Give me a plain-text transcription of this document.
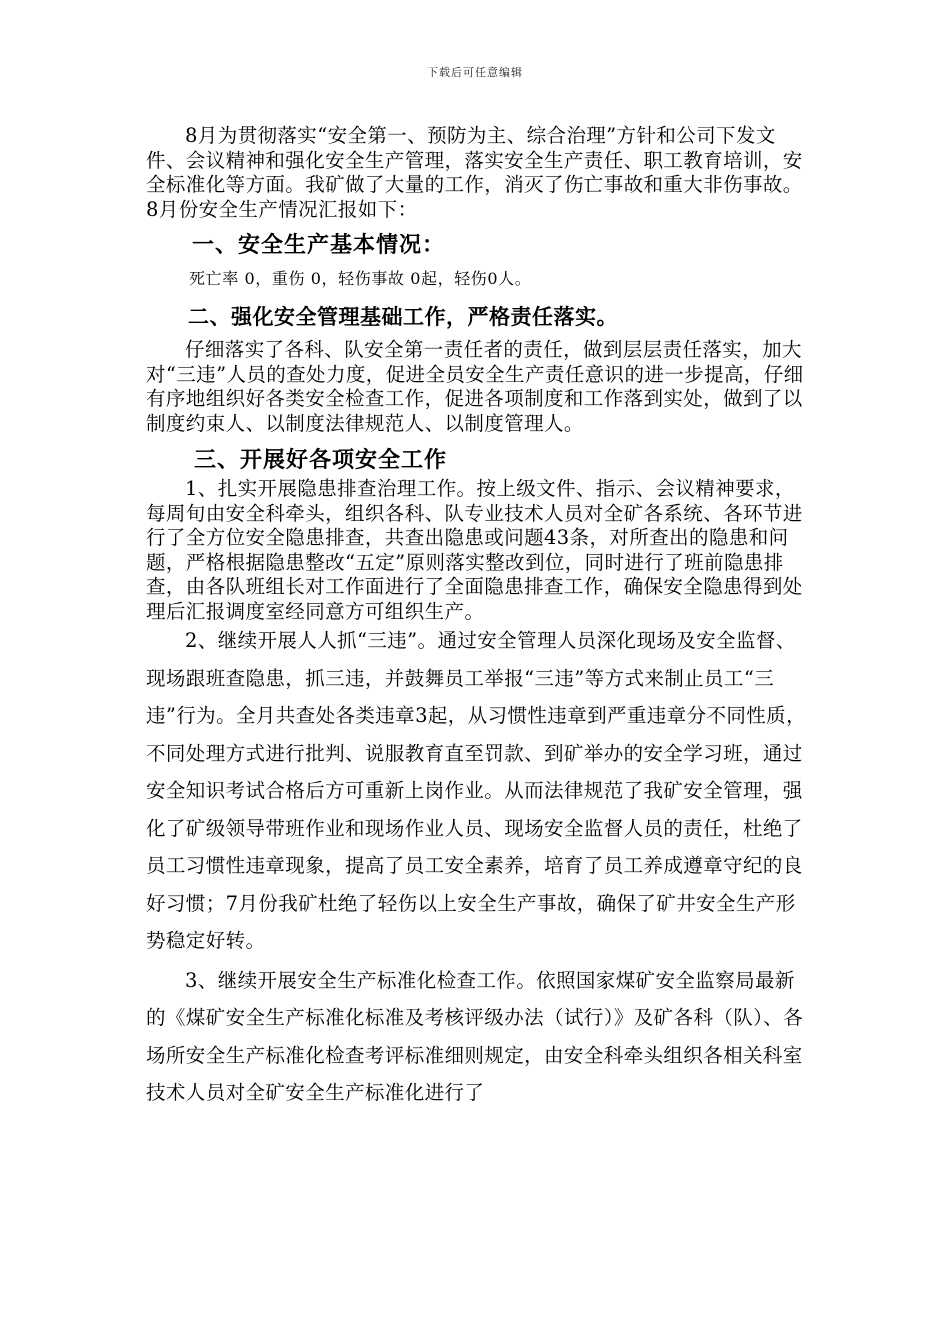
下载后可任意编辑

8月为贯彻落实“安全第一、预防为主、综合治理”方针和公司下发文件、会议精神和强化安全生产管理，落实安全生产责任、职工教育培训，安全标准化等方面。我矿做了大量的工作，消灭了伤亡事故和重大非伤事故。8月份安全生产情况汇报如下：

一、安全生产基本情况：

死亡率 0，重伤 0，轻伤事故 0起，轻伤0人。

二、强化安全管理基础工作，严格责任落实。

仔细落实了各科、队安全第一责任者的责任，做到层层责任落实，加大对“三违”人员的查处力度，促进全员安全生产责任意识的进一步提高，仔细有序地组织好各类安全检查工作，促进各项制度和工作落到实处，做到了以制度约束人、以制度法律规范人、以制度管理人。

三、开展好各项安全工作

1、扎实开展隐患排查治理工作。按上级文件、指示、会议精神要求，每周旬由安全科牵头，组织各科、队专业技术人员对全矿各系统、各环节进行了全方位安全隐患排查，共查出隐患或问题43条，对所查出的隐患和问题，严格根据隐患整改“五定”原则落实整改到位，同时进行了班前隐患排查，由各队班组长对工作面进行了全面隐患排查工作，确保安全隐患得到处理后汇报调度室经同意方可组织生产。

2、继续开展人人抓“三违”。通过安全管理人员深化现场及安全监督、现场跟班查隐患，抓三违，并鼓舞员工举报“三违”等方式来制止员工“三违”行为。全月共查处各类违章3起，从习惯性违章到严重违章分不同性质，不同处理方式进行批判、说服教育直至罚款、到矿举办的安全学习班，通过安全知识考试合格后方可重新上岗作业。从而法律规范了我矿安全管理，强化了矿级领导带班作业和现场作业人员、现场安全监督人员的责任，杜绝了员工习惯性违章现象，提高了员工安全素养，培育了员工养成遵章守纪的良好习惯；7月份我矿杜绝了轻伤以上安全生产事故，确保了矿井安全生产形势稳定好转。

3、继续开展安全生产标准化检查工作。依照国家煤矿安全监察局最新的《煤矿安全生产标准化标准及考核评级办法（试行）》及矿各科（队）、各场所安全生产标准化检查考评标准细则规定，由安全科牵头组织各相关科室技术人员对全矿安全生产标准化进行了
